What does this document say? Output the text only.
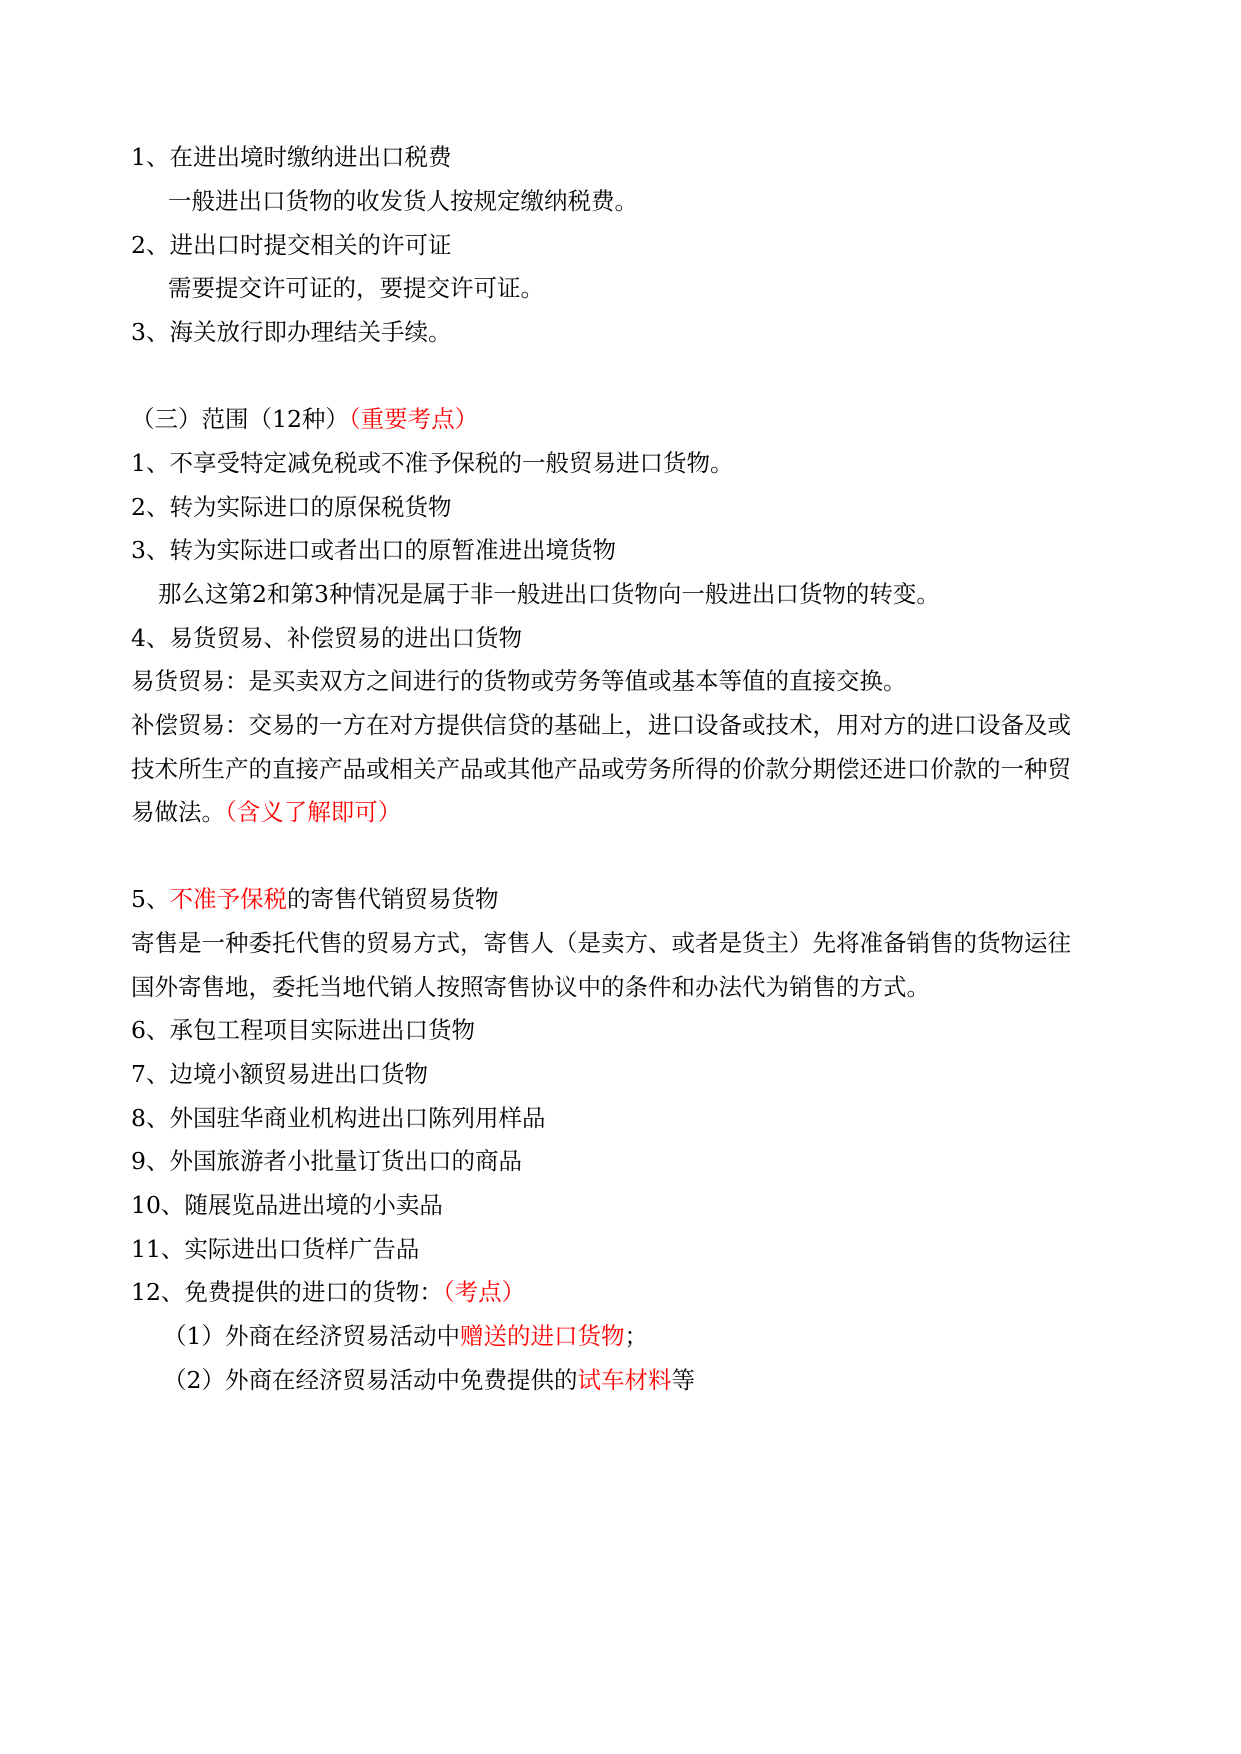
1、在进出境时缴纳进出口税费
一般进出口货物的收发货人按规定缴纳税费。
2、进出口时提交相关的许可证
需要提交许可证的，要提交许可证。
3、海关放行即办理结关手续。
（三）范围（12种）（重要考点）
1、不享受特定减免税或不准予保税的一般贸易进口货物。
2、转为实际进口的原保税货物
3、转为实际进口或者出口的原暂准进出境货物
那么这第2和第3种情况是属于非一般进出口货物向一般进出口货物的转变。
4、易货贸易、补偿贸易的进出口货物
易货贸易：是买卖双方之间进行的货物或劳务等值或基本等值的直接交换。
补偿贸易：交易的一方在对方提供信贷的基础上，进口设备或技术，用对方的进口设备及或
技术所生产的直接产品或相关产品或其他产品或劳务所得的价款分期偿还进口价款的一种贸
易做法。（含义了解即可）
5、不准予保税的寄售代销贸易货物
寄售是一种委托代售的贸易方式，寄售人（是卖方、或者是货主）先将准备销售的货物运往
国外寄售地，委托当地代销人按照寄售协议中的条件和办法代为销售的方式。
6、承包工程项目实际进出口货物
7、边境小额贸易进出口货物
8、外国驻华商业机构进出口陈列用样品
9、外国旅游者小批量订货出口的商品
10、随展览品进出境的小卖品
11、实际进出口货样广告品
12、免费提供的进口的货物：（考点）
（1）外商在经济贸易活动中赠送的进口货物；
（2）外商在经济贸易活动中免费提供的试车材料等
